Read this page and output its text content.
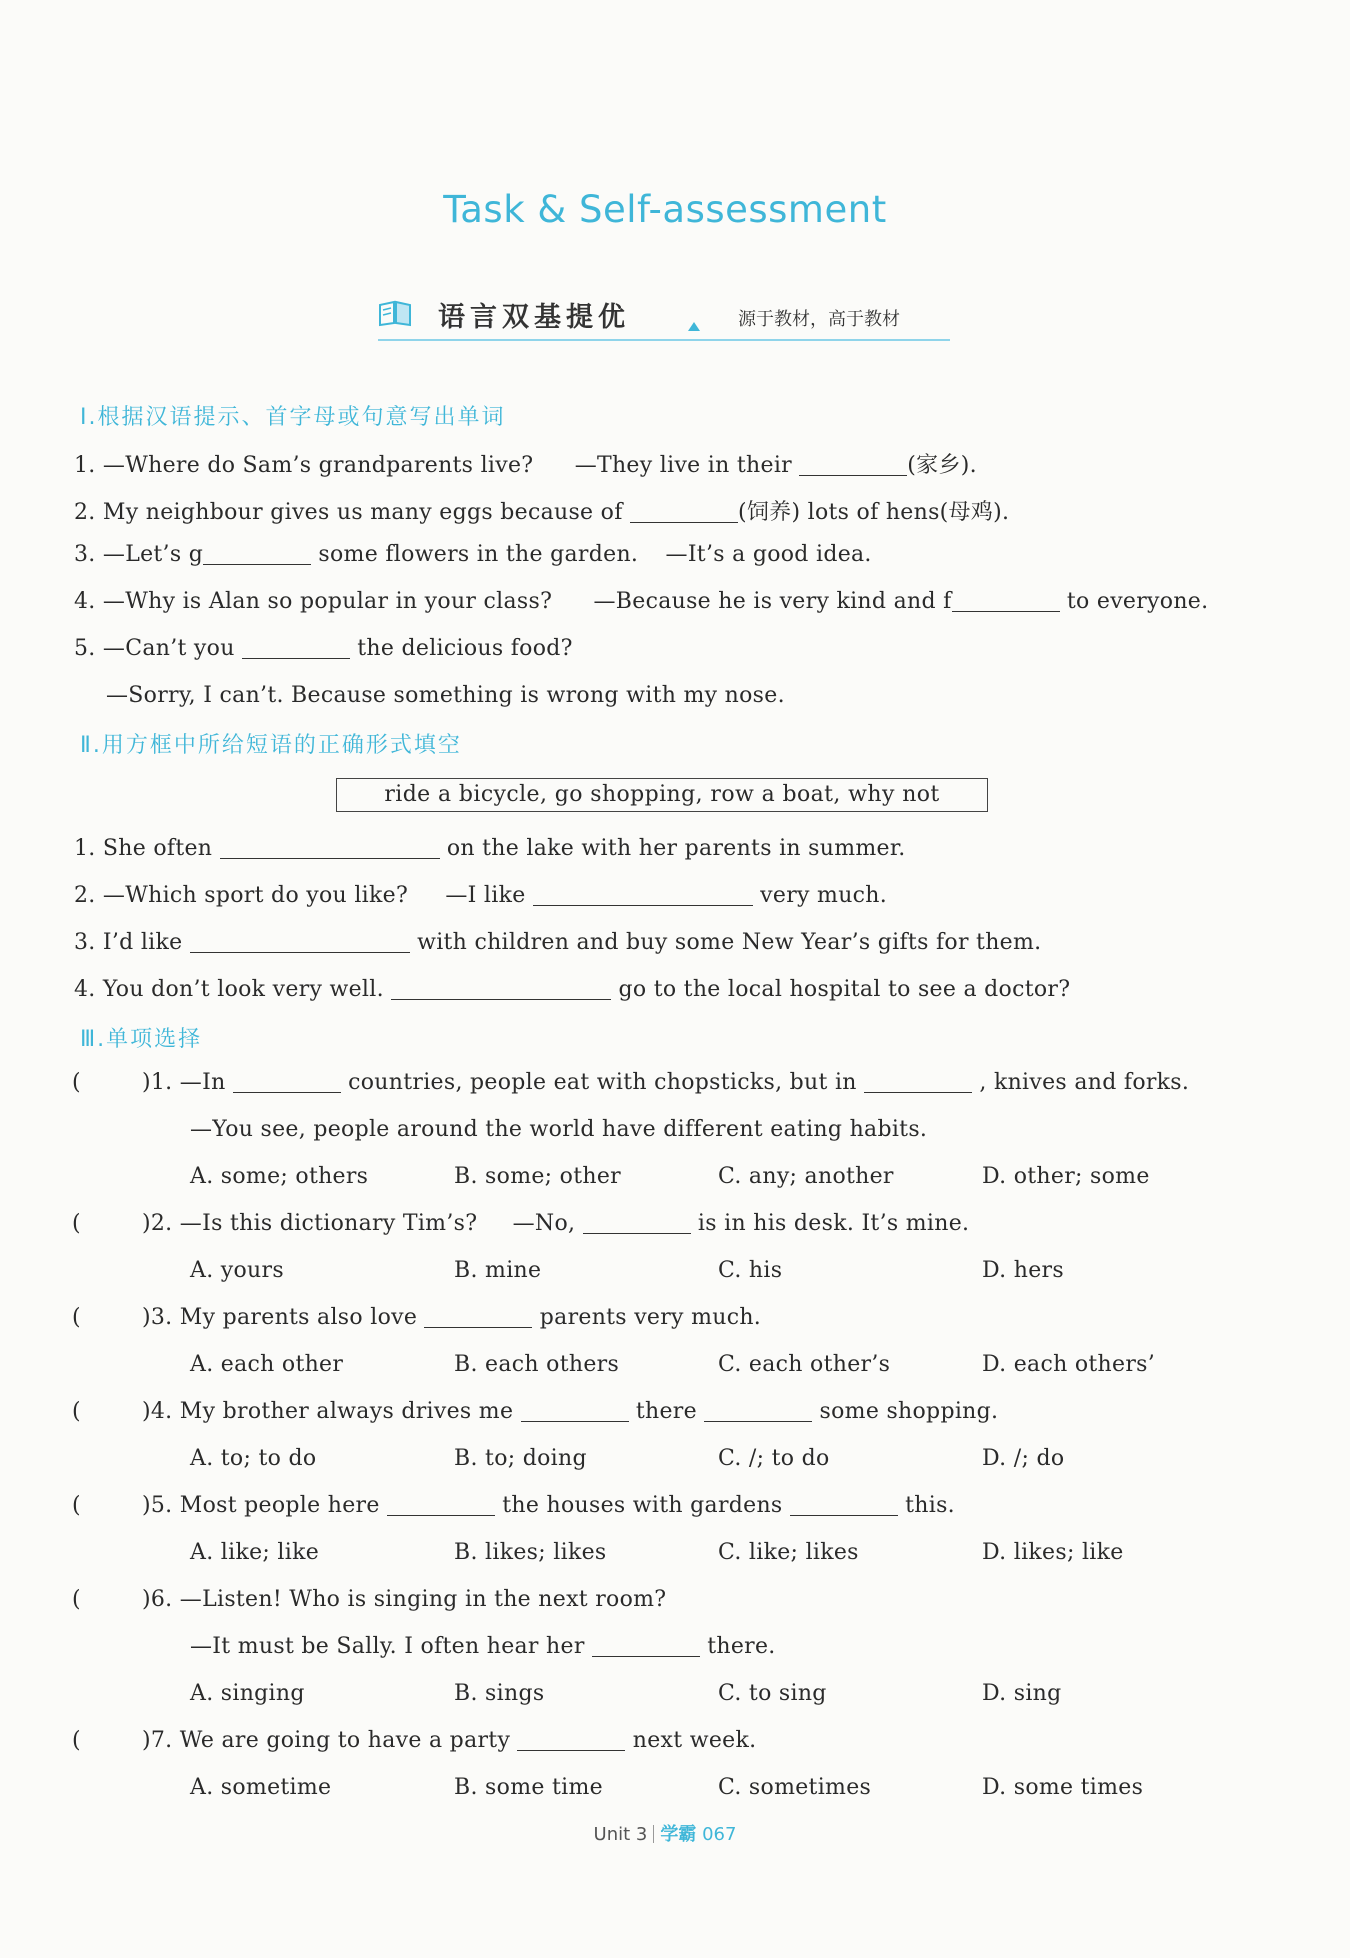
Task & Self-assessment
语言双基提优	源于教材，高于教材
Ⅰ.根据汉语提示、首字母或句意写出单词
1. —Where do Sam’s grandparents live? —They live in their	(家乡).
2. My neighbour gives us many eggs because of	(饲养) lots of hens(母鸡).
3. —Let’s g	some flowers in the garden. —It’s a good idea.
4. —Why is Alan so popular in your class? —Because he is very kind and f	to everyone.
5. —Can’t you	the delicious food?
—Sorry, I can’t. Because something is wrong with my nose.
Ⅱ.用方框中所给短语的正确形式填空
ride a bicycle, go shopping, row a boat, why not
1. She often	on the lake with her parents in summer.
2. —Which sport do you like? —I like	very much.
3. I’d like	with children and buy some New Year’s gifts for them.
4. You don’t look very well.	go to the local hospital to see a doctor?
Ⅲ.单项选择
(	)1. —In	countries, people eat with chopsticks, but in	, knives and forks.
—You see, people around the world have different eating habits.
A. some; others	B. some; other	C. any; another	D. other; some
(	)2. —Is this dictionary Tim’s? —No,	is in his desk. It’s mine.
A. yours	B. mine	C. his	D. hers
(	)3. My parents also love	parents very much.
A. each other	B. each others	C. each other’s	D. each others’
(	)4. My brother always drives me	there	some shopping.
A. to; to do	B. to; doing	C. /; to do	D. /; do
(	)5. Most people here	the houses with gardens	this.
A. like; like	B. likes; likes	C. like; likes	D. likes; like
(	)6. —Listen! Who is singing in the next room?
—It must be Sally. I often hear her	there.
A. singing	B. sings	C. to sing	D. sing
(	)7. We are going to have a party	next week.
A. sometime	B. some time	C. sometimes	D. some times
Unit 3 学霸 067
